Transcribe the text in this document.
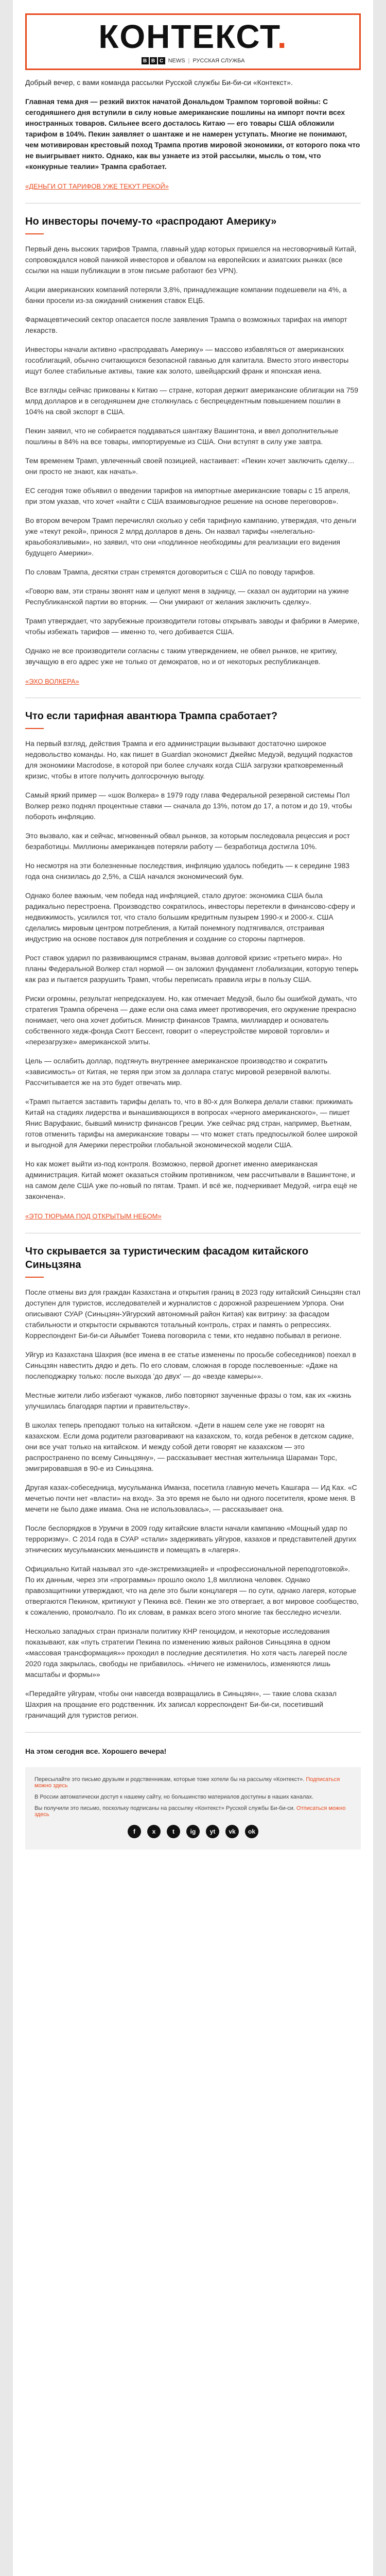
КОНТЕКСТ.
B B C NEWS | РУССКАЯ СЛУЖБА

Добрый вечер, с вами команда рассылки Русской службы Би-би-си «Контекст».

Главная тема дня — резкий вихток начатой Дональдом Трампом торговой войны: С сегодняшнего дня вступили в силу новые американские пошлины на импорт почти всех иностранных товаров. Сильнее всего досталось Китаю — его товары США обложили тарифом в 104%. Пекин заявляет о шантаже и не намерен уступать. Многие не понимают, чем мотивирован крестовый поход Трампа против мировой экономики, от которого пока что не выигрывает никто. Однако, как вы узнаете из этой рассылки, мысль о том, что «конкурные теалии» Трампа сработает.

«ДЕНЬГИ ОТ ТАРИФОВ УЖЕ ТЕКУТ РЕКОЙ»
Но инвесторы почему-то «распродают Америку»

Первый день высоких тарифов Трампа, главный удар которых пришелся на несговорчивый Китай, сопровождался новой паникой инвесторов и обвалом на европейских и азиатских рынках (все ссылки на наши публикации в этом письме работают без VPN).

Акции американских компаний потеряли 3,8%, принадлежащие компании подешевели на 4%, а банки просели из-за ожиданий снижения ставок ЕЦБ.

Фармацевтический сектор опасается после заявления Трампа о возможных тарифах на импорт лекарств.

Инвесторы начали активно «распродавать Америку» — массово избавляться от американских гособлигаций, обычно считающихся безопасной гаванью для капитала. Вместо этого инвесторы ищут более стабильные активы, такие как золото, швейцарский франк и японская иена.

Все взгляды сейчас прикованы к Китаю — стране, которая держит американские облигации на 759 млрд долларов и в сегодняшнем дне столкнулась с беспрецедентным повышением пошлин в 104% на свой экспорт в США.

Пекин заявил, что не собирается поддаваться шантажу Вашингтона, и ввел дополнительные пошлины в 84% на все товары, импортируемые из США. Они вступят в силу уже завтра.

Тем временем Трамп, увлеченный своей позицией, настаивает: «Пекин хочет заключить сделку… они просто не знают, как начать».

ЕС сегодня тоже объявил о введении тарифов на импортные американские товары с 15 апреля, при этом указав, что хочет «найти с США взаимовыгодное решение на основе переговоров».

Во втором вечером Трамп перечислял сколько у себя тарифную кампанию, утверждая, что деньги уже «текут рекой», принося 2 млрд долларов в день. Он назвал тарифы «нелегально-краьобоязливыми», но заявил, что они «подлинное необходимы для реализации его видения будущего Америки».

По словам Трампа, десятки стран стремятся договориться с США по поводу тарифов.

«Говорю вам, эти страны звонят нам и целуют меня в задницу, — сказал он аудитории на ужине Республиканской партии во вторник. — Они умирают от желания заключить сделку».

Трамп утверждает, что зарубежные производители готовы открывать заводы и фабрики в Америке, чтобы избежать тарифов — именно то, чего добивается США.

Однако не все производители согласны с таким утверждением, не обвел рынков, не критику, звучащую в его адрес уже не только от демократов, но и от некоторых республиканцев.

«ЭХО ВОЛКЕРА»
Что если тарифная авантюра Трампа сработает?

На первый взгляд, действия Трампа и его администрации вызывают достаточно широкое недовольство команды. Но, как пишет в Guardian экономист Джеймс Медуэй, ведущий подкастов для экономики Macrodose, в которой при более случаях когда США загрузки кратковременный кризис, чтобы в итоге получить долгосрочную выгоду.

Самый яркий пример — «шок Волкера» в 1979 году глава Федеральной резервной системы Пол Волкер резко поднял процентные ставки — сначала до 13%, потом до 17, а потом и до 19, чтобы побороть инфляцию.

Это вызвало, как и сейчас, мгновенный обвал рынков, за которым последовала рецессия и рост безработицы. Миллионы американцев потеряли работу — безработица достигла 10%.

Но несмотря на эти болезненные последствия, инфляцию удалось победить — к середине 1983 года она снизилась до 2,5%, а США начался экономический бум.

Однако более важным, чем победа над инфляцией, стало другое: экономика США была радикально перестроена. Производство сократилось, инвесторы перетекли в финансово-сферу и недвижимость, усилился тот, что стало большим кредитным пузырем 1990-х и 2000-х. США сделались мировым центром потребления, а Китай понемногу подтягивался, отстраивая индустрию на основе поставок для потребления и создание со стороны партнеров.

Рост ставок ударил по развивающимся странам, вызвав долговой кризис «третьего мира». Но планы Федеральной Волкер стал нормой — он заложил фундамент глобализации, которую теперь как раз и пытается разрушить Трамп, чтобы переписать правила игры в пользу США.

Риски огромны, результат непредсказуем. Но, как отмечает Медуэй, было бы ошибкой думать, что стратегия Трампа обречена — даже если она сама имеет противоречия, его окружение прекрасно понимает, чего она хочет добиться. Министр финансов Трампа, миллиардер и основатель собственного хедж-фонда Скотт Бессент, говорит о «переустройстве мировой торговли» и «перезагрузке» американской элиты.

Цель — ослабить доллар, подтянуть внутреннее американское производство и сократить «зависимость» от Китая, не теряя при этом за доллара статус мировой резервной валюты. Рассчитывается же на это будет отвечать мир.

«Трамп пытается заставить тарифы делать то, что в 80-х для Волкера делали ставки: прижимать Китай на стадиях лидерства и вынашивающихся в вопросах «черного американского», — пишет Янис Варуфакис, бывший министр финансов Греции. Уже сейчас ряд стран, например, Вьетнам, готов отменить тарифы на американские товары — что может стать предпосылкой более широкой и выгодной для Америки перестройки глобальной экономической модели США.

Но как может выйти из-под контроля. Возможно, первой дрогнет именно американская администрация. Китай может оказаться стойким противником, чем рассчитывали в Вашингтоне, и на самом деле США уже по-новый по пятам. Трамп. И всё же, подчеркивает Медуэй, «игра ещё не закончена».

«ЭТО ТЮРЬМА ПОД ОТКРЫТЫМ НЕБОМ»
Что скрывается за туристическим фасадом китайского Синьцзяна

После отмены виз для граждан Казахстана и открытия границ в 2023 году китайский Синьцзян стал доступен для туристов, исследователей и журналистов с дорожной разрешением Урпора. Они описывают СУАР (Синьцзян-Уйгурский автономный район Китая) как витрину: за фасадом стабильности и открытости скрываются тотальный контроль, страх и память о репрессиях. Корреспондент Би-би-си Айымбет Тоиева поговорила с теми, кто недавно побывал в регионе.

Уйгур из Казахстана Шахрия (все имена в ее статье изменены по просьбе собеседников) поехал в Синьцзян навестить дядю и деть. По его словам, сложная в городе послевоенные: «Даже на послеподжарку только: после выхода 'до двух' — до «везде камеры»».

Местные жители либо избегают чужаков, либо повторяют заученные фразы о том, как их «жизнь улучшилась благодаря партии и правительству».

В школах теперь преподают только на китайском. «Дети в нашем селе уже не говорят на казахском. Если дома родители разговаривают на казахском, то, когда ребенок в детском садике, они все учат только на китайском. И между собой дети говорят не казахском — это распространено по всему Синьцзяну», — рассказывает местная жительница Шараман Торс, эмигрировавшая в 90-е из Синьцзяна.

Другая казах-собеседница, мусульманка Иманза, посетила главную мечеть Кашгара — Ид Ках. «С мечетью почти нет «власти» на вход». За это время не было ни одного посетителя, кроме меня. В мечети не было даже имама. Она не использовалась», — рассказывает она.

После беспорядков в Урумчи в 2009 году китайские власти начали кампанию «Мощный удар по терроризму». С 2014 года в СУАР «стали» задерживать уйгуров, казахов и представителей других этнических мусульманских меньшинств и помещать в «лагеря».

Официально Китай называл это «де-экстремизацией» и «профессиональной переподготовкой». По их данным, через эти «программы» прошло около 1,8 миллиона человек. Однако правозащитники утверждают, что на деле это были концлагеря — по сути, однако лагеря, которые отвергаются Пекином, критикуют у Пекина всё. Пекин же это отвергает, а вот мировое сообщество, к сожалению, промолчало. По их словам, в рамках всего этого многие так бесследно исчезли.

Несколько западных стран признали политику КНР геноцидом, и некоторые исследования показывают, как «путь стратегии Пекина по изменению живых районов Синьцзяна в одном «массовая трансформация»» проходил в последние десятилетия. Но хотя часть лагерей после 2020 года закрылась, свободы не прибавилось. «Ничего не изменилось, изменяются лишь масштабы и формы»»

«Передайте уйгурам, чтобы они навсегда возвращались в Синьцзян», — такие слова сказал Шахрия на прощание его родственник. Их записал корреспондент Би-би-си, посетивший граничащий для туристов регион.

На этом сегодня все. Хорошего вечера!

Пересылайте это письмо друзьям и родственникам, которые тоже хотели бы на рассылку «Контекст». Подписаться можно здесь

В России автоматически доступ к нашему сайту, но большинство материалов доступны в наших каналах.

Вы получили это письмо, поскольку подписаны на рассылку «Контекст» Русской службы Би-би-си. Отписаться можно здесь

f	x	t	ig	yt	vk	ok
